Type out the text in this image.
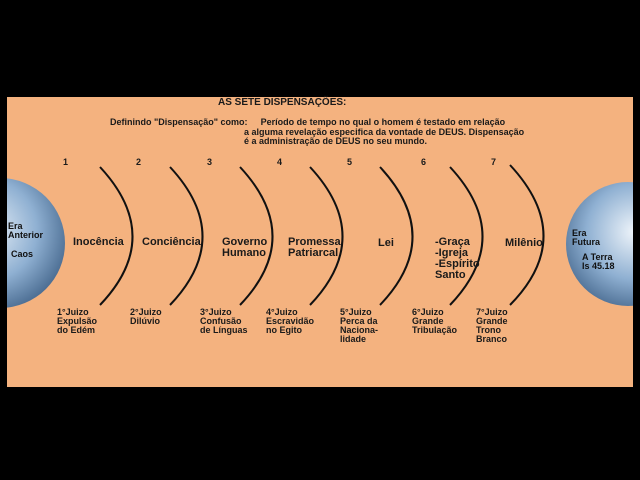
AS SETE DISPENSAÇÕES:
Definindo "Dispensação" como: Período de tempo no qual o homem é testado em relação
a alguma revelação especifica da vontade de DEUS. Dispensação
é a administração de DEUS no seu mundo.
1	2	3	4	5	6	7
Era
Anterior
Caos
Era
Futura
A Terra
Is 45.18
Inocência Conciência Governo
Humano
Promessa
Patriarcal
Lei	-Graça
-Igreja
-Espírito
Santo
Milênio
1°Juizo
Expulsão
do Edém
2°Juizo
Dilúvio
3°Juizo
Confusão
de Línguas
4°Juizo
Escravidão
no Egito
5°Juizo
Perca da
Naciona-
lidade
6°Juizo
Grande
Tribulação
7°Juizo
Grande
Trono
Branco
